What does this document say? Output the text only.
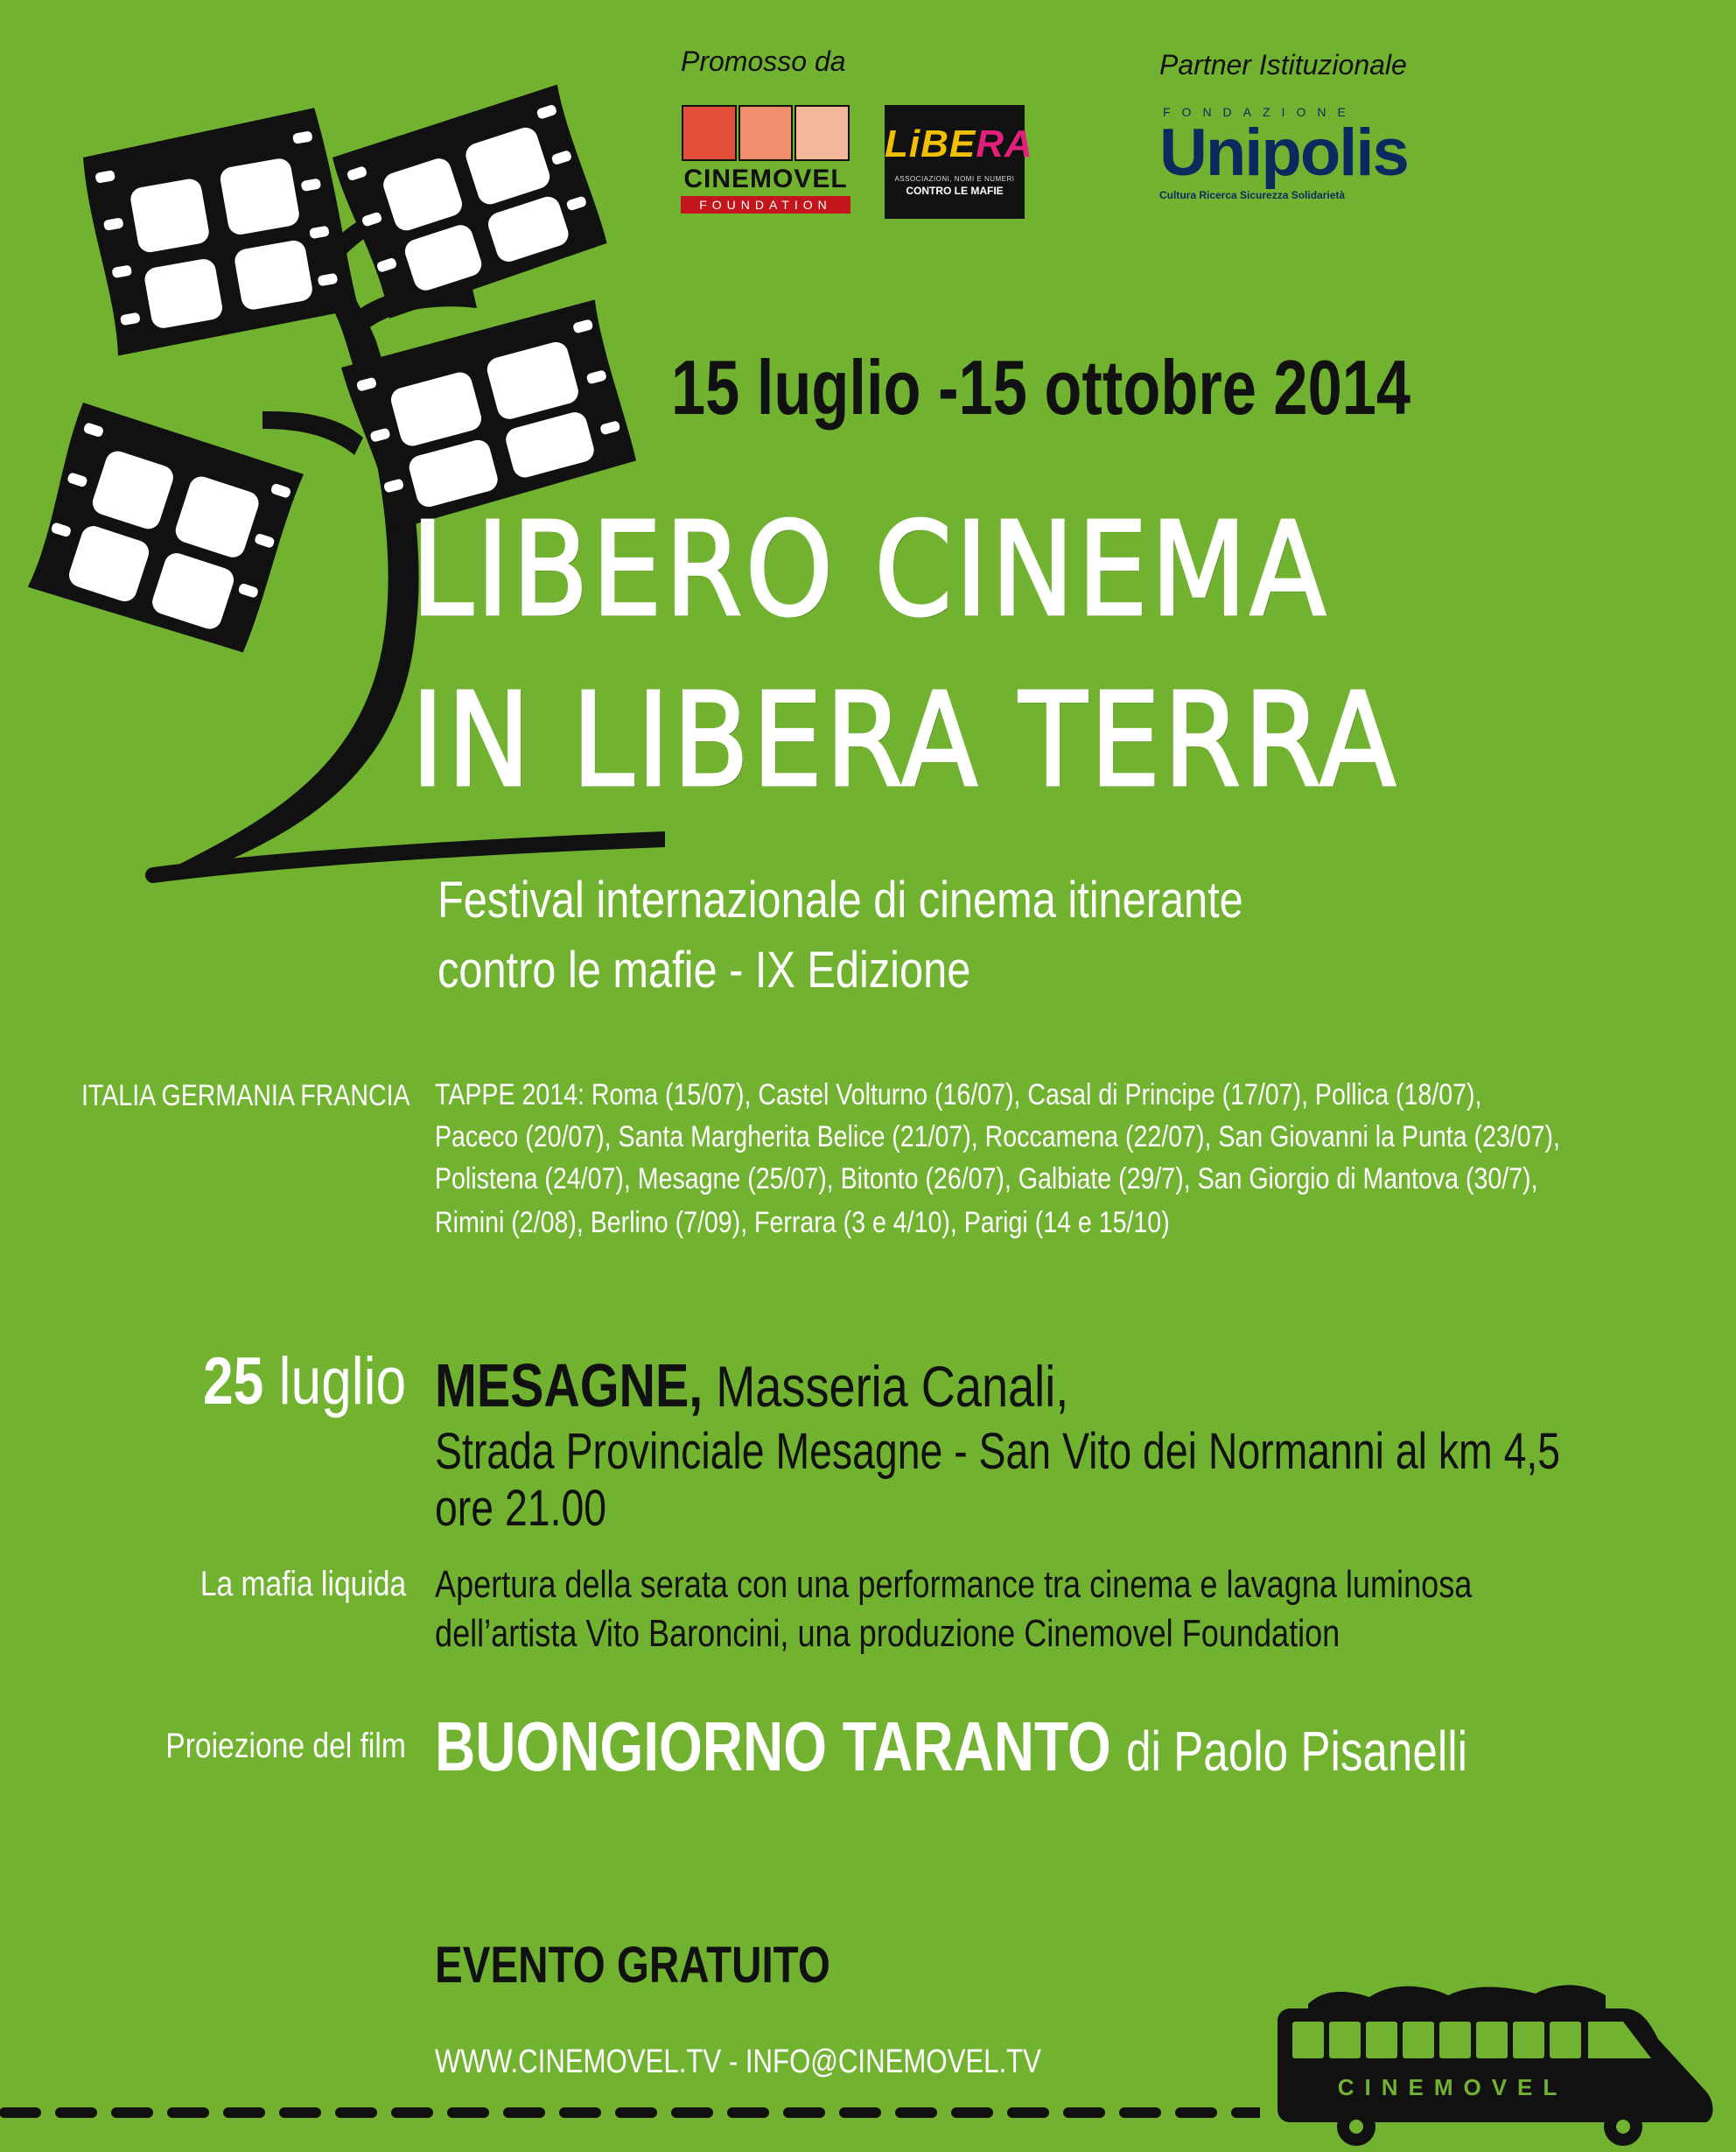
Promosso da	Partner Istituzionale
CINEMOVEL
FOUNDATION
LiBERA
ASSOCIAZIONI, NOMI E NUMERI
CONTRO LE MAFIE
FONDAZIONE
Unipolis
Cultura Ricerca Sicurezza Solidarietà
15 luglio -15 ottobre 2014
LIBERO CINEMA
IN LIBERA TERRA
Festival internazionale di cinema itinerante
contro le mafie - IX Edizione
ITALIA GERMANIA FRANCIA TAPPE 2014: Roma (15/07), Castel Volturno (16/07), Casal di Principe (17/07), Pollica (18/07),
Paceco (20/07), Santa Margherita Belice (21/07), Roccamena (22/07), San Giovanni la Punta (23/07),
Polistena (24/07), Mesagne (25/07), Bitonto (26/07), Galbiate (29/7), San Giorgio di Mantova (30/7),
Rimini (2/08), Berlino (7/09), Ferrara (3 e 4/10), Parigi (14 e 15/10)
25 luglio MESAGNE, Masseria Canali,
Strada Provinciale Mesagne - San Vito dei Normanni al km 4,5
ore 21.00
La mafia liquida Apertura della serata con una performance tra cinema e lavagna luminosa
dell’artista Vito Baroncini, una produzione Cinemovel Foundation
Proiezione del film BUONGIORNO TARANTO di Paolo Pisanelli
EVENTO GRATUITO
WWW.CINEMOVEL.TV - INFO@CINEMOVEL.TV
CINEMOVEL
